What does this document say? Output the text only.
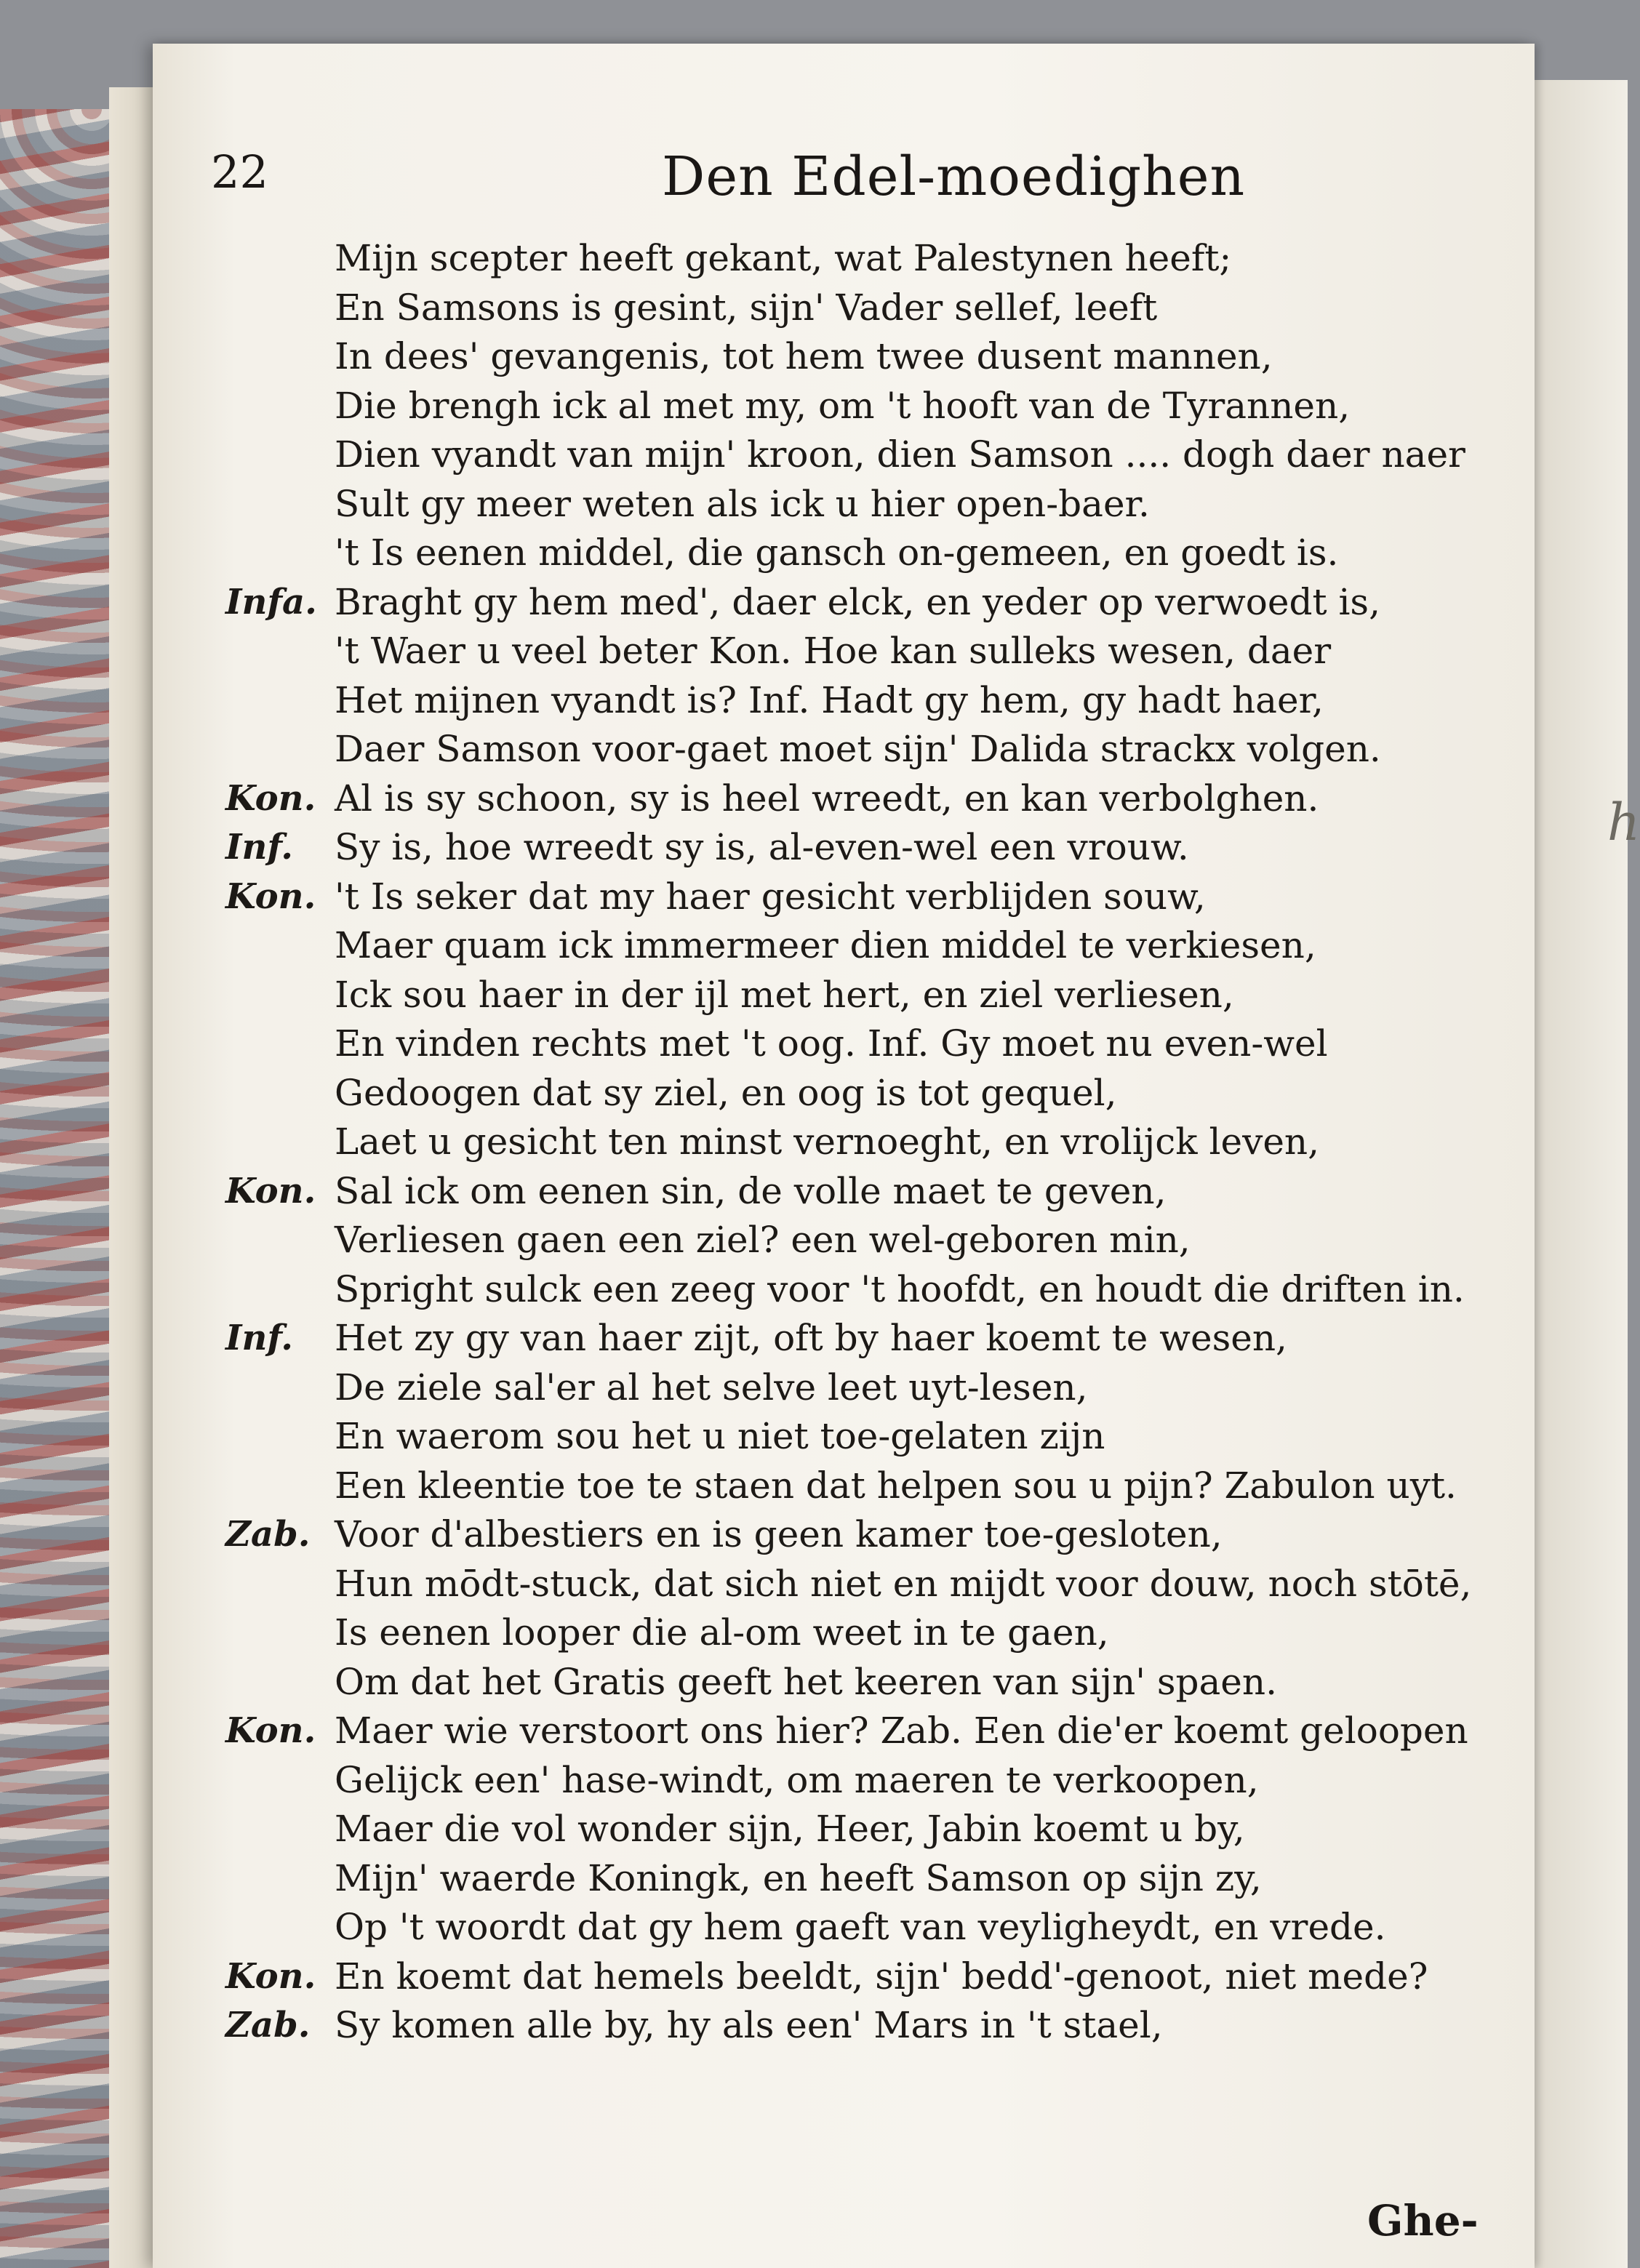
h
22	Den Edel-moedighen
Mijn scepter heeft gekant, wat Palestynen heeft;
En Samsons is gesint, sijn' Vader sellef, leeft
In dees' gevangenis, tot hem twee dusent mannen,
Die brengh ick al met my, om 't hooft van de Tyrannen,
Dien vyandt van mijn' kroon, dien Samson .... dogh daer naer
Sult gy meer weten als ick u hier open-baer.
't Is eenen middel, die gansch on-gemeen, en goedt is.
Infa. Braght gy hem med', daer elck, en yeder op verwoedt is,
't Waer u veel beter Kon. Hoe kan sulleks wesen, daer
Het mijnen vyandt is? Inf. Hadt gy hem, gy hadt haer,
Daer Samson voor-gaet moet sijn' Dalida strackx volgen.
Kon. Al is sy schoon, sy is heel wreedt, en kan verbolghen.
Inf.	Sy is, hoe wreedt sy is, al-even-wel een vrouw.
Kon. 't Is seker dat my haer gesicht verblijden souw,
Maer quam ick immermeer dien middel te verkiesen,
Ick sou haer in der ijl met hert, en ziel verliesen,
En vinden rechts met 't oog. Inf. Gy moet nu even-wel
Gedoogen dat sy ziel, en oog is tot gequel,
Laet u gesicht ten minst vernoeght, en vrolijck leven,
Kon. Sal ick om eenen sin, de volle maet te geven,
Verliesen gaen een ziel? een wel-geboren min,
Spright sulck een zeeg voor 't hoofdt, en houdt die driften in.
Inf.	Het zy gy van haer zijt, oft by haer koemt te wesen,
De ziele sal'er al het selve leet uyt-lesen,
En waerom sou het u niet toe-gelaten zijn
Een kleentie toe te staen dat helpen sou u pijn? Zabulon uyt.
Zab. Voor d'albestiers en is geen kamer toe-gesloten,
Hun mōdt-stuck, dat sich niet en mijdt voor douw, noch stōtē,
Is eenen looper die al-om weet in te gaen,
Om dat het Gratis geeft het keeren van sijn' spaen.
Kon. Maer wie verstoort ons hier? Zab. Een die'er koemt geloopen
Gelijck een' hase-windt, om maeren te verkoopen,
Maer die vol wonder sijn, Heer, Jabin koemt u by,
Mijn' waerde Koningk, en heeft Samson op sijn zy,
Op 't woordt dat gy hem gaeft van veyligheydt, en vrede.
Kon. En koemt dat hemels beeldt, sijn' bedd'-genoot, niet mede?
Zab. Sy komen alle by, hy als een' Mars in 't stael,
Ghe-
